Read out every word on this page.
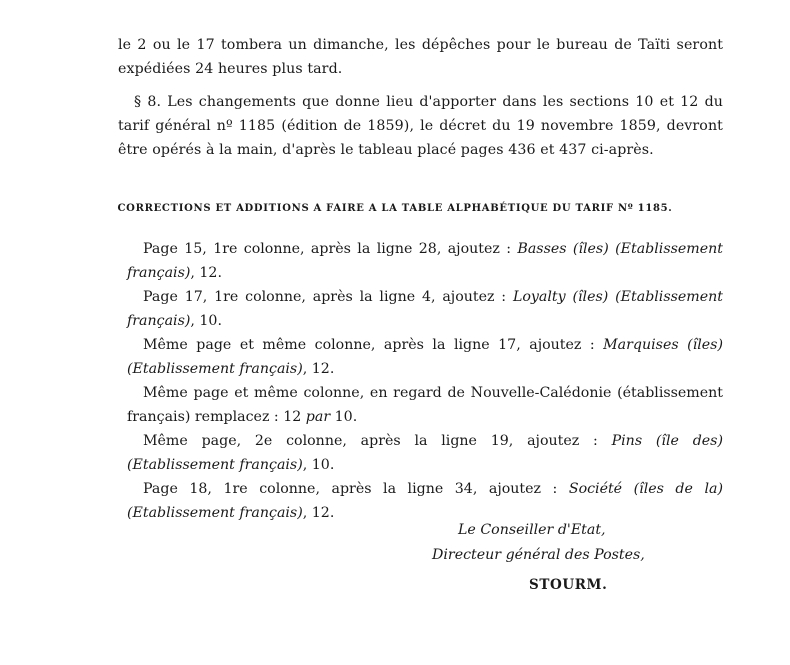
le 2 ou le 17 tombera un dimanche, les dépêches pour le bureau de Taïti seront expédiées 24 heures plus tard.
§ 8. Les changements que donne lieu d'apporter dans les sections 10 et 12 du tarif général nº 1185 (édition de 1859), le décret du 19 novembre 1859, devront être opérés à la main, d'après le tableau placé pages 436 et 437 ci-après.
CORRECTIONS ET ADDITIONS A FAIRE A LA TABLE ALPHABÉTIQUE DU TARIF Nº 1185.
Page 15, 1re colonne, après la ligne 28, ajoutez : Basses (îles) (Etablissement français), 12.
Page 17, 1re colonne, après la ligne 4, ajoutez : Loyalty (îles) (Etablissement français), 10.
Même page et même colonne, après la ligne 17, ajoutez : Marquises (îles) (Etablissement français), 12.
Même page et même colonne, en regard de Nouvelle-Calédonie (établissement français) remplacez : 12 par 10.
Même page, 2e colonne, après la ligne 19, ajoutez : Pins (île des) (Etablissement français), 10.
Page 18, 1re colonne, après la ligne 34, ajoutez : Société (îles de la) (Etablissement français), 12.
Le Conseiller d'Etat,
Directeur général des Postes,
STOURM.
